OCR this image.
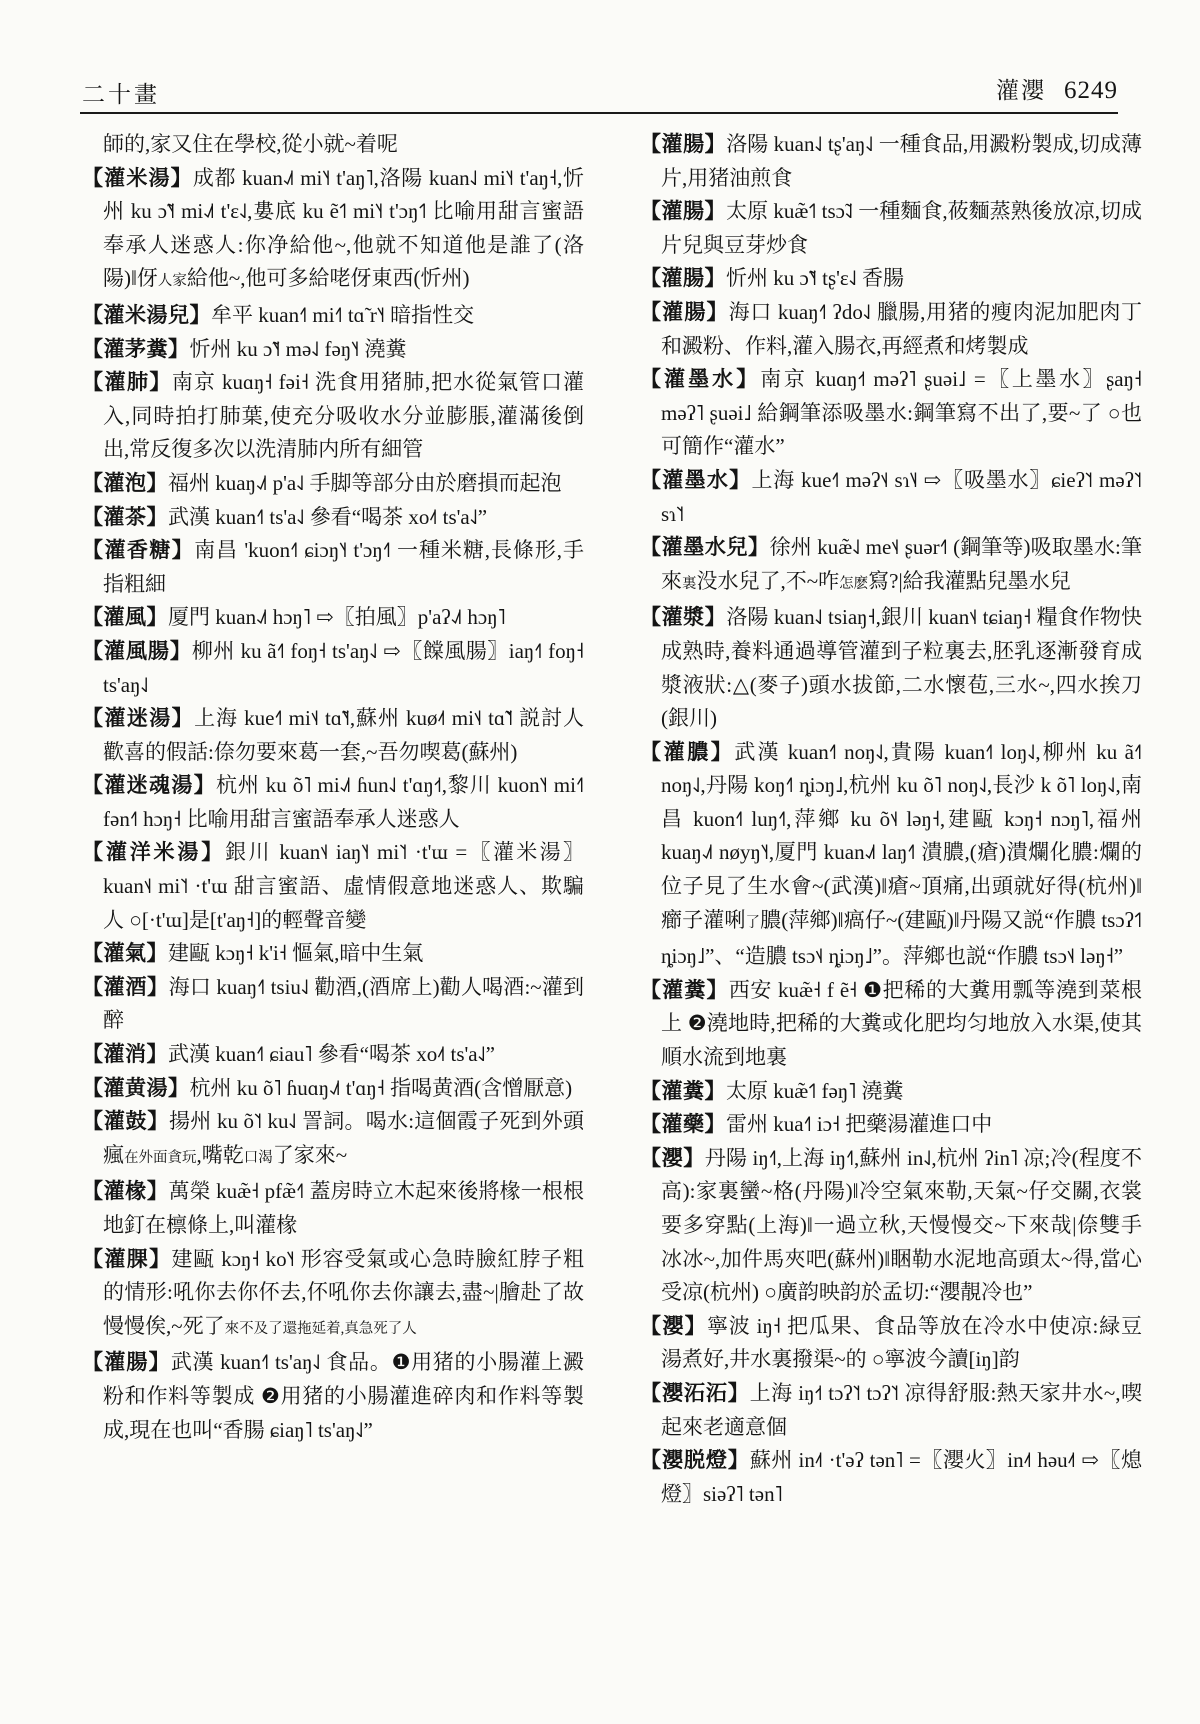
二十畫	灌瀴 6249

師的,家又住在學校,從小就~着呢

【灌米湯】成都 kuan˨˩˦ mi˥˧ t'aŋ˥,洛陽 kuan˨˩ mi˥˧ t'aŋ˧,忻州 ku ɔ̃˥˧ mi˨˩˦ t'ɛ˨˩,婁底 ku ẽ˦˥ mi˥˧ t'ɔŋ˦˥ 比喻用甜言蜜語奉承人迷惑人:你净給他~,他就不知道他是誰了(洛陽)‖伢人家給他~,他可多給咾伢東西(忻州)

【灌米湯兒】牟平 kuan˧˥ mi˧˥ tɑ̃ r˥˧ 暗指性交

【灌茅糞】忻州 ku ɔ̃˥˧ mə˨˩ fəŋ˥˧ 澆糞

【灌肺】南京 kuɑŋ˧ fəi˧ 洗食用猪肺,把水從氣管口灌入,同時拍打肺葉,使充分吸收水分並膨脹,灌滿後倒出,常反復多次以洗清肺内所有細管

【灌泡】福州 kuaŋ˨˩˦ p'a˨˩ 手脚等部分由於磨損而起泡

【灌茶】武漢 kuan˧˥ ts'a˨˩ 參看“喝茶 xo˨˦ ts'a˨˩”

【灌香糖】南昌 'kuon˧˥ ɕiɔŋ˥˧ t'ɔŋ˧˥ 一種米糖,長條形,手指粗細

【灌風】厦門 kuan˨˩˦ hɔŋ˥ ⇨〖拍風〗p'aʔ˨˩˦ hɔŋ˥

【灌風腸】柳州 ku ã˧˥ foŋ˧ ts'aŋ˨˩ ⇨〖饓風腸〗iaŋ˧˥ foŋ˧ ts'aŋ˨˩

【灌迷湯】上海 kue˧˥ mi˦˨ tɑ̃˥˧,蘇州 kuø˨˦ mi˦˨ tɑ̃˥˦ 説討人歡喜的假話:倷勿要來葛一套,~吾勿喫葛(蘇州)

【灌迷魂湯】杭州 ku õ˥ mi˨˩˦ ɦun˨˩ t'ɑŋ˧˦,黎川 kuon˥˧ mi˧˥ fən˧˥ hɔŋ˧ 比喻用甜言蜜語奉承人迷惑人

【灌洋米湯】銀川 kuan˦˨ iaŋ˥˧ mi˥˦ ·t'ɯ =〖灌米湯〗kuan˦˨ mi˥˦ ·t'ɯ 甜言蜜語、虛情假意地迷惑人、欺騙人 ○[·t'ɯ]是[t'aŋ˧]的輕聲音變

【灌氣】建甌 kɔŋ˧ k'i˧ 慪氣,暗中生氣

【灌酒】海口 kuaŋ˧˥ tsiu˨˩ 勸酒,(酒席上)勸人喝酒:~灌到醉

【灌消】武漢 kuan˧˥ ɕiau˥ 參看“喝茶 xo˨˦ ts'a˨˩”

【灌黄湯】杭州 ku õ˥ ɦuɑŋ˨˩˦ t'ɑŋ˧ 指喝黄酒(含憎厭意)

【灌鼓】揚州 ku õ˥˦ ku˨˩ 詈詞。喝水:這個霞子死到外頭瘋在外面貪玩,嘴乾口渴了家來~

【灌椽】萬榮 kuæ̃˧ pfæ̃˧˥ 蓋房時立木起來後將椽一根根地釘在檩條上,叫灌椽

【灌腂】建甌 kɔŋ˧ ko˥˧ 形容受氣或心急時臉紅脖子粗的情形:吼你去你伓去,伓吼你去你讓去,盡~|膾赴了故慢慢俟,~死了來不及了還拖延着,真急死了人

【灌腸】武漢 kuan˧˥ ts'aŋ˨˩ 食品。❶用猪的小腸灌上澱粉和作料等製成 ❷用猪的小腸灌進碎肉和作料等製成,現在也叫“香腸 ɕiaŋ˥ ts'aŋ˨˩”

【灌腸】洛陽 kuan˨˩ tʂ'aŋ˨˩ 一種食品,用澱粉製成,切成薄片,用猪油煎食

【灌腸】太原 kuæ̃˦˥ tsɔ̃˨˩ 一種麵食,莜麵蒸熟後放凉,切成片兒與豆芽炒食

【灌腸】忻州 ku ɔ̃˥˧ tʂ'ɛ˨˩ 香腸

【灌腸】海口 kuaŋ˧˥ ʔdo˨˩ 臘腸,用猪的瘦肉泥加肥肉丁和澱粉、作料,灌入腸衣,再經煮和烤製成

【灌墨水】南京 kuɑŋ˧˦ məʔ˥ ʂuəi˩ =〖上墨水〗ʂaŋ˧ məʔ˥ ʂuəi˩ 給鋼筆添吸墨水:鋼筆寫不出了,要~了 ○也可簡作“灌水”

【灌墨水】上海 kue˧˥ məʔ˦˨ sɿ˥˨ ⇨〖吸墨水〗ɕieʔ˥˦ məʔ˥˦ sɿ˥˦

【灌墨水兒】徐州 kuæ̃˨˩ me˦˨ ʂuər˧˥ (鋼筆等)吸取墨水:筆來裏没水兒了,不~咋怎麽寫?|給我灌點兒墨水兒

【灌漿】洛陽 kuan˨˩ tsiaŋ˧,銀川 kuan˦˨ tɕiaŋ˧ 糧食作物快成熟時,養料通過導管灌到子粒裏去,胚乳逐漸發育成漿液狀:△(麥子)頭水拔節,二水懷苞,三水~,四水挨刀(銀川)

【灌膿】武漢 kuan˧˥ noŋ˨˩,貴陽 kuan˧˥ loŋ˨˩,柳州 ku ã˧˥ noŋ˨˩,丹陽 koŋ˧˥ ȵiɔŋ˩,杭州 ku õ˥ noŋ˨˩,長沙 k õ˥ loŋ˨˩,南昌 kuon˧˥ luŋ˧˥,萍鄉 ku õ˦˨ ləŋ˧,建甌 kɔŋ˧ nɔŋ˥,福州 kuaŋ˨˩˦ nøyŋ˥˧,厦門 kuan˨˩˦ laŋ˧˥ 潰膿,(瘡)潰爛化膿:爛的位子見了生水會~(武漢)‖瘡~頂痛,出頭就好得(杭州)‖癤子灌唎了膿(萍鄉)‖瘑仔~(建甌)‖丹陽又説“作膿 tsɔʔ˦˥ ȵiɔŋ˩”、“造膿 tsɔ˦˨ ȵiɔŋ˩”。萍鄉也説“作膿 tsɔ˦˨ ləŋ˧”

【灌糞】西安 kuæ̃˧ f ẽ˧ ❶把稀的大糞用瓢等澆到菜根上 ❷澆地時,把稀的大糞或化肥均匀地放入水渠,使其順水流到地裏

【灌糞】太原 kuæ̃˦˥ fəŋ˥ 澆糞

【灌藥】雷州 kua˧˥ iɔ˧ 把藥湯灌進口中

【瀴】丹陽 iŋ˧˥,上海 iŋ˧˥,蘇州 in˨˩,杭州 ʔin˥ 凉;冷(程度不高):家裏蠻~格(丹陽)‖冷空氣來勒,天氣~仔交關,衣裳要多穿點(上海)‖一過立秋,天慢慢交~下來哉|倷雙手冰冰~,加件馬夾吧(蘇州)‖睏勒水泥地高頭太~得,當心受凉(杭州) ○廣韵映韵於孟切:“瀴靚冷也”

【瀴】寧波 iŋ˧ 把瓜果、食品等放在冷水中使凉:緑豆湯煮好,井水裏撥渠~的 ○寧波今讀[iŋ]韵

【瀴沰沰】上海 iŋ˧˦ tɔʔ˥˦ tɔʔ˥˦ 凉得舒服:熱天家井水~,喫起來老適意個

【瀴脱燈】蘇州 in˨˦ ·t'əʔ tən˥ =〖瀴火〗in˨˦ həu˨˦ ⇨〖熄燈〗siəʔ˥ tən˥
